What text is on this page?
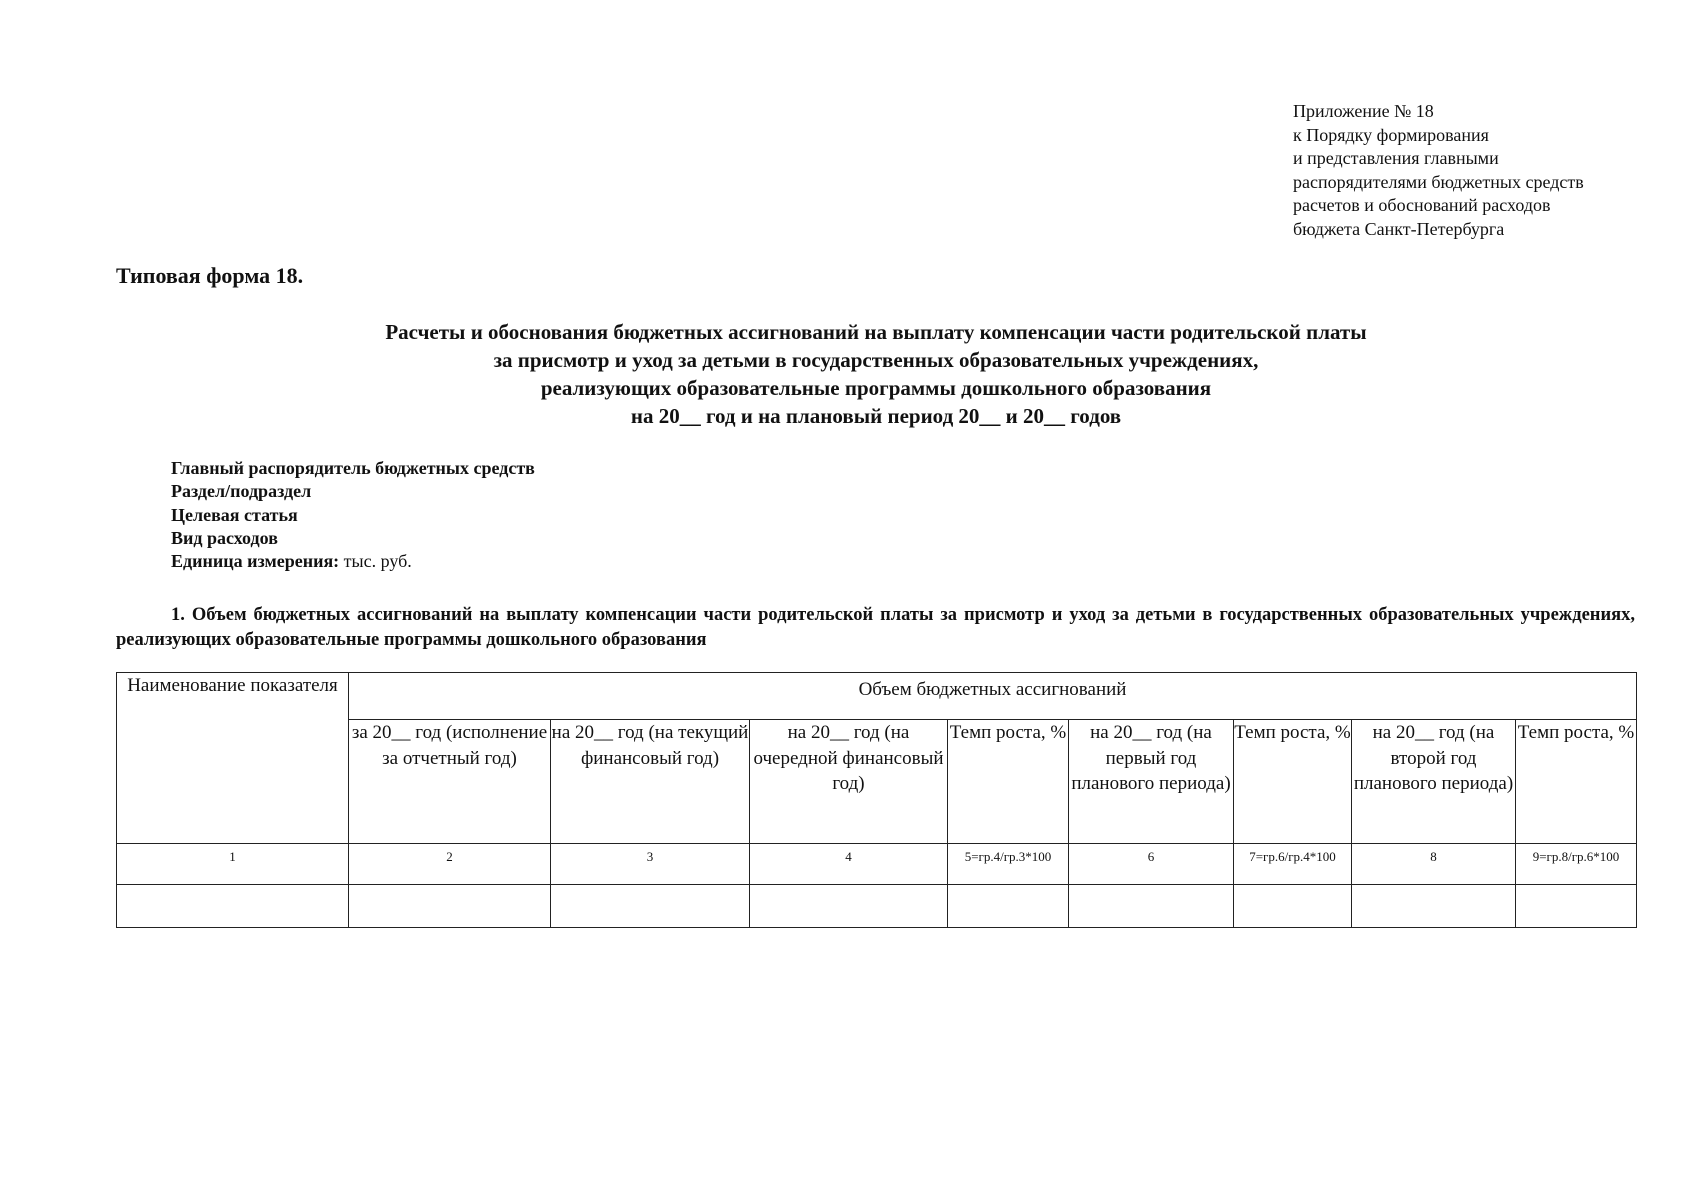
Приложение № 18
к Порядку формирования
и представления главными
распорядителями бюджетных средств
расчетов и обоснований расходов
бюджета Санкт-Петербурга
Типовая форма 18.
Расчеты и обоснования бюджетных ассигнований на выплату компенсации части родительской платы
за присмотр и уход за детьми в государственных образовательных учреждениях,
реализующих образовательные программы дошкольного образования
на 20__ год и на плановый период 20__ и 20__ годов
Главный распорядитель бюджетных средств
Раздел/подраздел
Целевая статья
Вид расходов
Единица измерения: тыс. руб.
1. Объем бюджетных ассигнований на выплату компенсации части родительской платы за присмотр и уход за детьми в государственных образовательных учреждениях, реализующих образовательные программы дошкольного образования
Наименование показателя	Объем бюджетных ассигнований							
	за 20__ год (исполнение за отчетный год)	на 20__ год (на текущий финансовый год)	на 20__ год (на очередной финансовый год)	Темп роста, %	на 20__ год (на первый год планового периода)	Темп роста, %	на 20__ год (на второй год планового периода)	Темп роста, %
1	2	3	4	5=гр.4/гр.3*100	6	7=гр.6/гр.4*100	8	9=гр.8/гр.6*100
